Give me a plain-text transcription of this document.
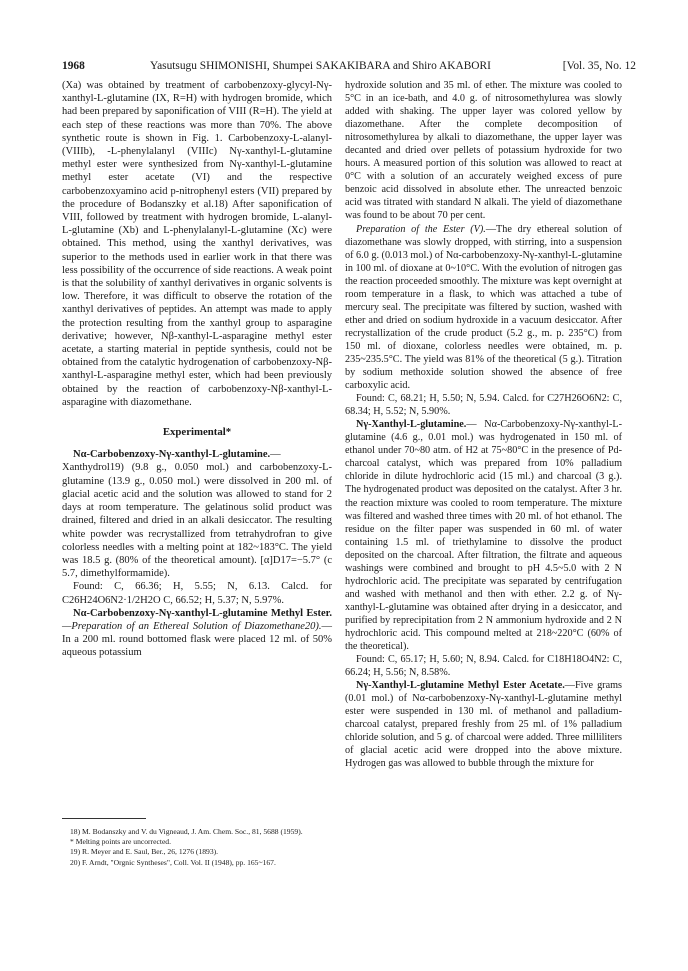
1968	Yasutsugu SHIMONISHI, Shumpei SAKAKIBARA and Shiro AKABORI	[Vol. 35, No. 12

(Xa) was obtained by treatment of carbobenzoxy-glycyl-Nγ-xanthyl-L-glutamine (IX, R=H) with hydrogen bromide, which had been prepared by saponification of VIII (R=H). The yield at each step of these reactions was more than 70%. The above synthetic route is shown in Fig. 1. Carbobenzoxy-L-alanyl- (VIIIb), -L-phenylalanyl (VIIIc) Nγ-xanthyl-L-glutamine methyl ester were synthesized from Nγ-xanthyl-L-glutamine methyl ester acetate (VI) and the respective carbobenzoxyamino acid p-nitrophenyl esters (VII) prepared by the procedure of Bodanszky et al.18) After saponification of VIII, followed by treatment with hydrogen bromide, L-alanyl-L-glutamine (Xb) and L-phenylalanyl-L-glutamine (Xc) were obtained. This method, using the xanthyl derivatives, was superior to the methods used in earlier work in that there was less possibility of the occurrence of side reactions. A weak point is that the solubility of xanthyl derivatives in organic solvents is low. Therefore, it was difficult to observe the rotation of the xanthyl derivatives of peptides. An attempt was made to apply the protection resulting from the xanthyl group to asparagine derivative; however, Nβ-xanthyl-L-asparagine methyl ester acetate, a starting material in peptide synthesis, could not be obtained from the catalytic hydrogenation of carbobenzoxy-Nβ-xanthyl-L-asparagine methyl ester, which had been previously obtained by the reaction of carbobenzoxy-Nβ-xanthyl-L-asparagine with diazomethane.

Experimental*

Nα-Carbobenzoxy-Nγ-xanthyl-L-glutamine.—Xanthydrol19) (9.8 g., 0.050 mol.) and carbobenzoxy-L-glutamine (13.9 g., 0.050 mol.) were dissolved in 200 ml. of glacial acetic acid and the solution was allowed to stand for 2 days at room temperature. The gelatinous solid product was drained, filtered and dried in an alkali desiccator. The resulting white powder was recrystallized from tetrahydrofran to give colorless needles with a melting point at 182~183°C. The yield was 18.5 g. (80% of the theoretical amount). [α]D17=−5.7° (c 5.7, dimethylformamide).

Found: C, 66.36; H, 5.55; N, 6.13. Calcd. for C26H24O6N2·1/2H2O C, 66.52; H, 5.37; N, 5.97%.

Nα-Carbobenzoxy-Nγ-xanthyl-L-glutamine Methyl Ester.—Preparation of an Ethereal Solution of Diazomethane20).— In a 200 ml. round bottomed flask were placed 12 ml. of 50% aqueous potassium

18) M. Bodanszky and V. du Vigneaud, J. Am. Chem. Soc., 81, 5688 (1959).

* Melting points are uncorrected.

19) R. Meyer and E. Saul, Ber., 26, 1276 (1893).

20) F. Arndt, "Orgnic Syntheses", Coll. Vol. II (1948), pp. 165~167.

hydroxide solution and 35 ml. of ether. The mixture was cooled to 5°C in an ice-bath, and 4.0 g. of nitrosomethylurea was slowly added with shaking. The upper layer was colored yellow by diazomethane. After the complete decomposition of nitrosomethylurea by alkali to diazomethane, the upper layer was decanted and dried over pellets of potassium hydroxide for two hours. A measured portion of this solution was allowed to react at 0°C with a solution of an accurately weighed excess of pure benzoic acid dissolved in absolute ether. The unreacted benzoic acid was titrated with standard N alkali. The yield of diazomethane was found to be about 70 per cent.

Preparation of the Ester (V).—The dry ethereal solution of diazomethane was slowly dropped, with stirring, into a suspension of 6.0 g. (0.013 mol.) of Nα-carbobenzoxy-Nγ-xanthyl-L-glutamine in 100 ml. of dioxane at 0~10°C. With the evolution of nitrogen gas the reaction proceeded smoothly. The mixture was kept overnight at room temperature in a flask, to which was attached a tube of mercury seal. The precipitate was filtered by suction, washed with ether and dried on sodium hydroxide in a vacuum desiccator. After recrystallization of the crude product (5.2 g., m. p. 235°C) from 150 ml. of dioxane, colorless needles were obtained, m. p. 235~235.5°C. The yield was 81% of the theoretical (5 g.). Titration by sodium methoxide solution showed the absence of free carboxylic acid.

Found: C, 68.21; H, 5.50; N, 5.94. Calcd. for C27H26O6N2: C, 68.34; H, 5.52; N, 5.90%.

Nγ-Xanthyl-L-glutamine.— Nα-Carbobenzoxy-Nγ-xanthyl-L-glutamine (4.6 g., 0.01 mol.) was hydrogenated in 150 ml. of ethanol under 70~80 atm. of H2 at 75~80°C in the presence of Pd-charcoal catalyst, which was prepared from 10% palladium chloride in dilute hydrochloric acid (15 ml.) and charcoal (3 g.). The hydrogenated product was deposited on the catalyst. After 3 hr. the reaction mixture was cooled to room temperature. The mixture was filtered and washed three times with 20 ml. of hot ethanol. The residue on the filter paper was suspended in 60 ml. of water containing 1.5 ml. of triethylamine to dissolve the product deposited on the charcoal. After filtration, the filtrate and aqueous washings were combined and brought to pH 4.5~5.0 with 2 N hydrochloric acid. The precipitate was separated by centrifugation and washed with methanol and then with ether. 2.2 g. of Nγ-xanthyl-L-glutamine was obtained after drying in a desiccator, and purified by reprecipitation from 2 N ammonium hydroxide and 2 N hydrochloric acid. This compound melted at 218~220°C (60% of the theoretical).

Found: C, 65.17; H, 5.60; N, 8.94. Calcd. for C18H18O4N2: C, 66.24; H, 5.56; N, 8.58%.

Nγ-Xanthyl-L-glutamine Methyl Ester Acetate.—Five grams (0.01 mol.) of Nα-carbobenzoxy-Nγ-xanthyl-L-glutamine methyl ester were suspended in 130 ml. of methanol and palladium-charcoal catalyst, prepared freshly from 25 ml. of 1% palladium chloride solution, and 5 g. of charcoal were added. Three milliliters of glacial acetic acid were dropped into the above mixture. Hydrogen gas was allowed to bubble through the mixture for
